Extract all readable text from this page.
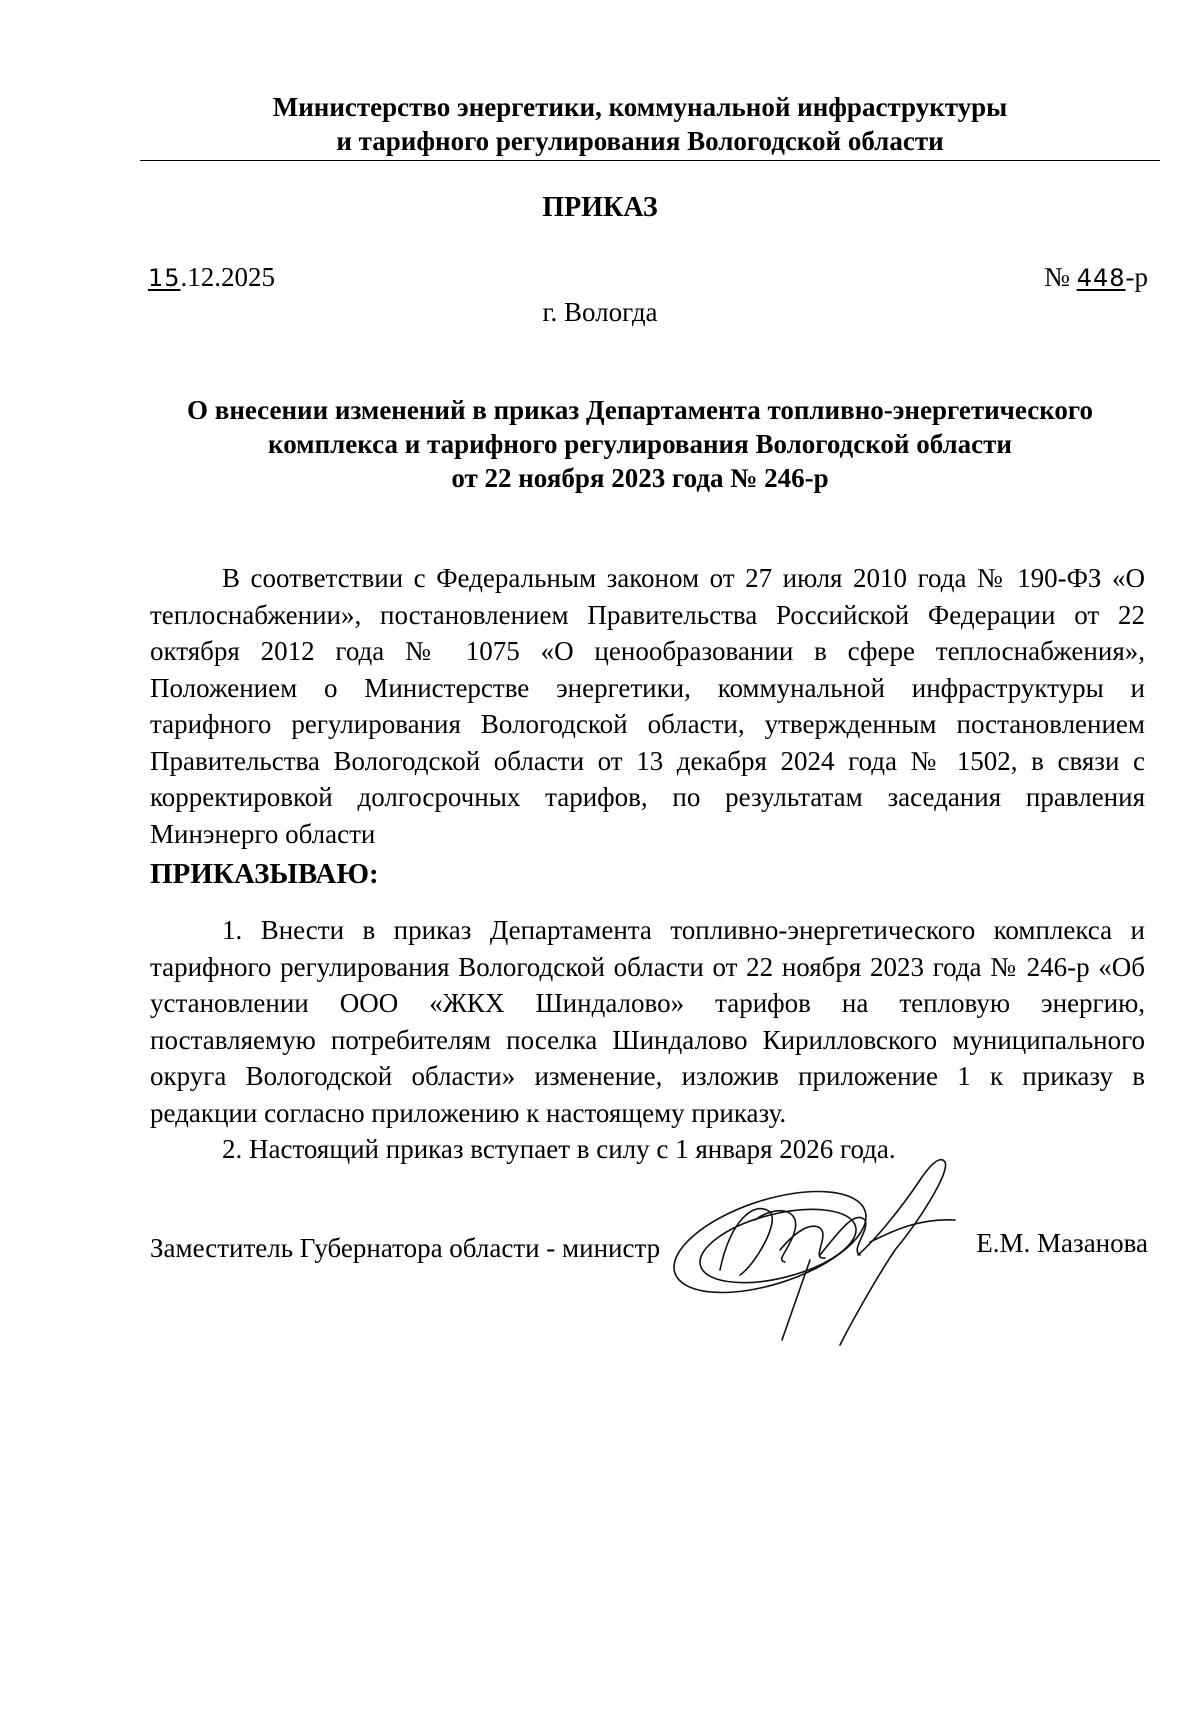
Министерство энергетики, коммунальной инфраструктуры
и тарифного регулирования Вологодской области
ПРИКАЗ
15.12.2025	№ 448-р
г. Вологда
О внесении изменений в приказ Департамента топливно-энергетического
комплекса и тарифного регулирования Вологодской области
от 22 ноября 2023 года № 246-р

В соответствии с Федеральным законом от 27 июля 2010 года № 190-ФЗ «О теплоснабжении», постановлением Правительства Российской Федерации от 22 октября 2012 года № 1075 «О ценообразовании в сфере теплоснабжения», Положением о Министерстве энергетики, коммунальной инфраструктуры и тарифного регулирования Вологодской области, утвержденным постановлением Правительства Вологодской области от 13 декабря 2024 года № 1502, в связи с корректировкой долгосрочных тарифов, по результатам заседания правления Минэнерго области

ПРИКАЗЫВАЮ:

1. Внести в приказ Департамента топливно-энергетического комплекса и тарифного регулирования Вологодской области от 22 ноября 2023 года № 246-р «Об установлении ООО «ЖКХ Шиндалово» тарифов на тепловую энергию, поставляемую потребителям поселка Шиндалово Кирилловского муниципального округа Вологодской области» изменение, изложив приложение 1 к приказу в редакции согласно приложению к настоящему приказу.

2. Настоящий приказ вступает в силу с 1 января 2026 года.

Заместитель Губернатора области - министр	Е.М. Мазанова
